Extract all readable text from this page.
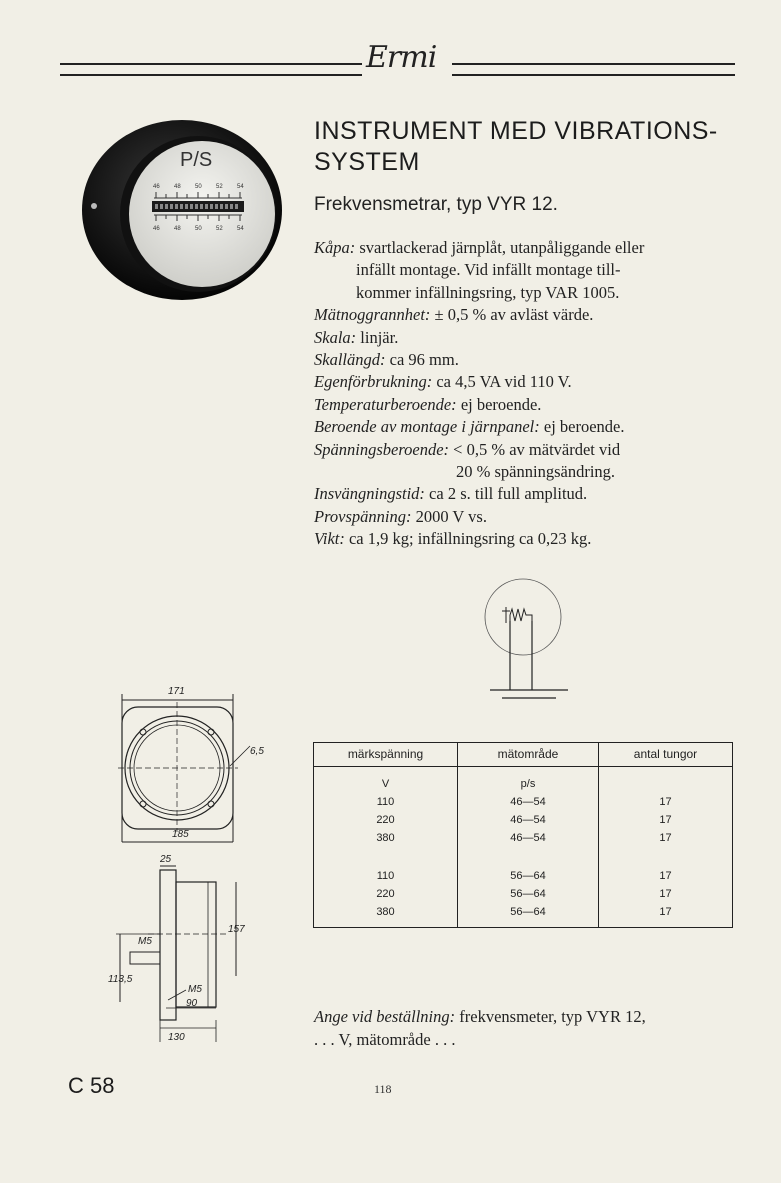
Ermi
P/S
46 48 50 52 54
46 48 50 52 54
INSTRUMENT MED VIBRATIONS-
SYSTEM
Frekvensmetrar, typ VYR 12.
Kåpa: svartlackerad järnplåt, utanpåliggande eller
infällt montage. Vid infällt montage till-
kommer infällningsring, typ VAR 1005.
Mätnoggrannhet: ± 0,5 % av avläst värde.
Skala: linjär.
Skallängd: ca 96 mm.
Egenförbrukning: ca 4,5 VA vid 110 V.
Temperaturberoende: ej beroende.
Beroende av montage i järnpanel: ej beroende.
Spänningsberoende: < 0,5 % av mätvärdet vid
20 % spänningsändring.
Insvängningstid: ca 2 s. till full amplitud.
Provspänning: 2000 V vs.
Vikt: ca 1,9 kg; infällningsring ca 0,23 kg.
171
6,5
185
25
157
M5
113,5
M5
90
130
märkspänning	mätområde	antal tungor
V	p/s	
110	46—54	17
220	46—54	17
380	46—54	17

110	56—64	17
220	56—64	17
380	56—64	17
Ange vid beställning: frekvensmeter, typ VYR 12,
. . . V, mätområde . . .
C 58	118
